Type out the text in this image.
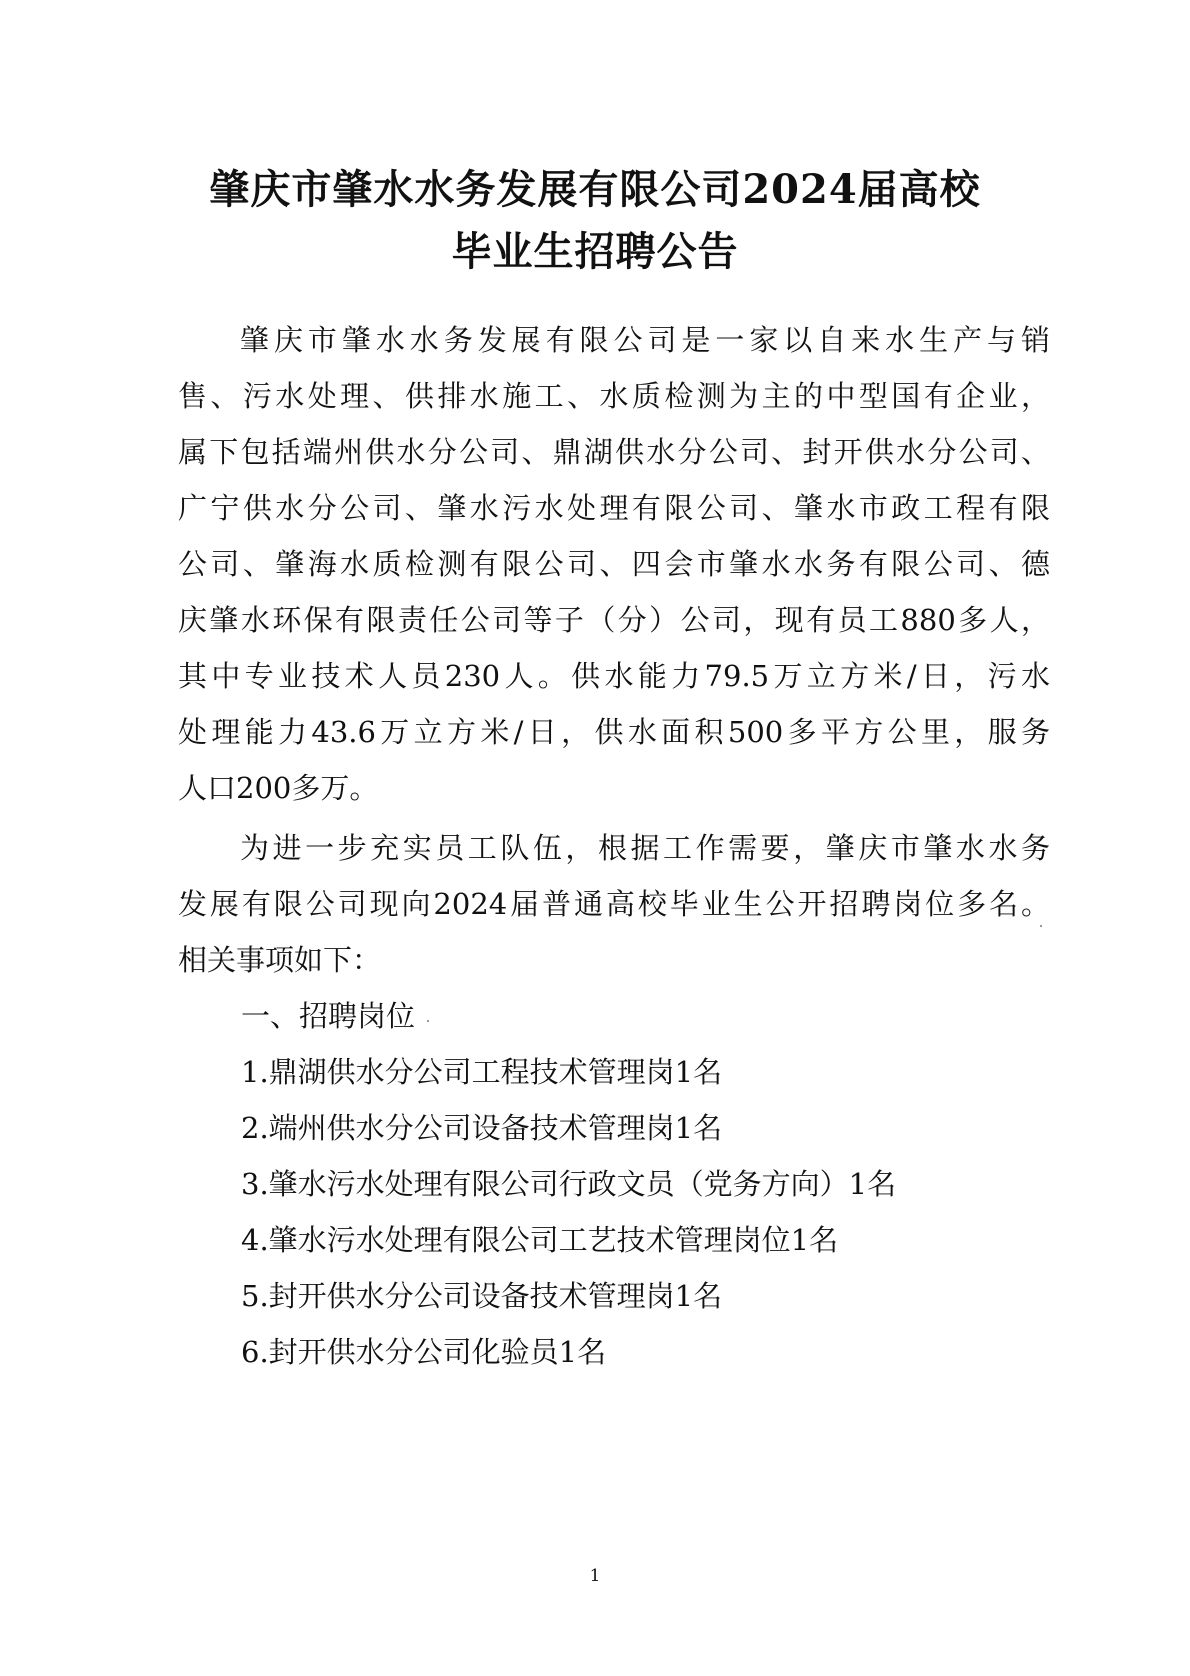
肇庆市肇水水务发展有限公司2024届高校
毕业生招聘公告
肇庆市肇水水务发展有限公司是一家以自来水生产与销
售、污水处理、供排水施工、水质检测为主的中型国有企业，
属下包括端州供水分公司、鼎湖供水分公司、封开供水分公司、
广宁供水分公司、肇水污水处理有限公司、肇水市政工程有限
公司、肇海水质检测有限公司、四会市肇水水务有限公司、德
庆肇水环保有限责任公司等子（分）公司，现有员工880多人，
其中专业技术人员230人。供水能力79.5万立方米/日，污水
处理能力43.6万立方米/日，供水面积500多平方公里，服务
人口200多万。
为进一步充实员工队伍，根据工作需要，肇庆市肇水水务
发展有限公司现向2024届普通高校毕业生公开招聘岗位多名。
相关事项如下：
一、招聘岗位
1.鼎湖供水分公司工程技术管理岗1名
2.端州供水分公司设备技术管理岗1名
3.肇水污水处理有限公司行政文员（党务方向）1名
4.肇水污水处理有限公司工艺技术管理岗位1名
5.封开供水分公司设备技术管理岗1名
6.封开供水分公司化验员1名
1
